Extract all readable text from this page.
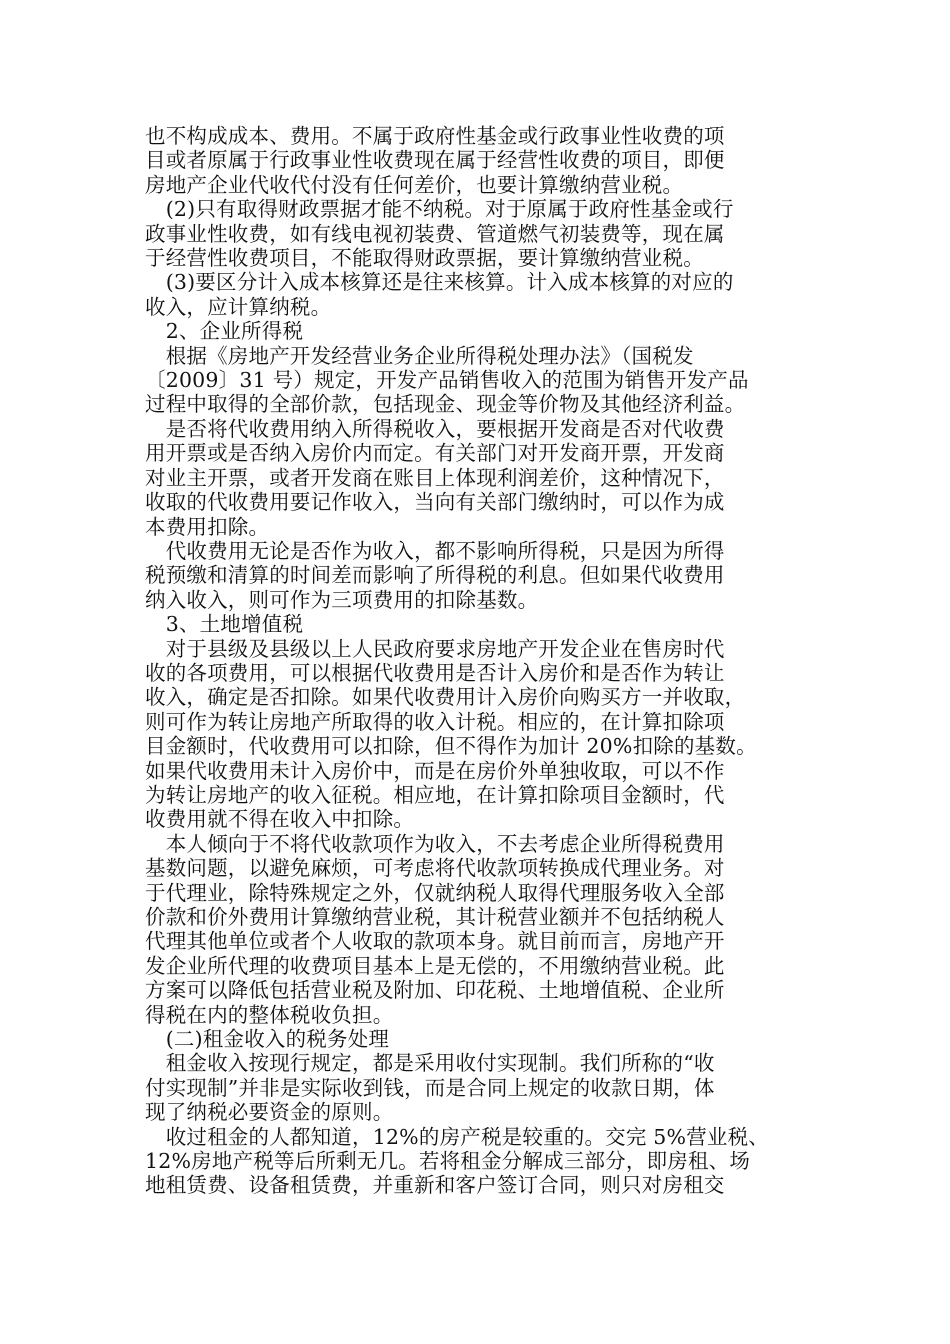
也不构成成本、费用。不属于政府性基金或行政事业性收费的项
目或者原属于行政事业性收费现在属于经营性收费的项目，即便
房地产企业代收代付没有任何差价，也要计算缴纳营业税。
　(2)只有取得财政票据才能不纳税。对于原属于政府性基金或行
政事业性收费，如有线电视初装费、管道燃气初装费等，现在属
于经营性收费项目，不能取得财政票据，要计算缴纳营业税。
　(3)要区分计入成本核算还是往来核算。计入成本核算的对应的
收入，应计算纳税。
　2、企业所得税
　根据《房地产开发经营业务企业所得税处理办法》（国税发
〔2009〕31 号）规定，开发产品销售收入的范围为销售开发产品
过程中取得的全部价款，包括现金、现金等价物及其他经济利益。
　是否将代收费用纳入所得税收入，要根据开发商是否对代收费
用开票或是否纳入房价内而定。有关部门对开发商开票，开发商
对业主开票，或者开发商在账目上体现利润差价，这种情况下，
收取的代收费用要记作收入，当向有关部门缴纳时，可以作为成
本费用扣除。
　代收费用无论是否作为收入，都不影响所得税，只是因为所得
税预缴和清算的时间差而影响了所得税的利息。但如果代收费用
纳入收入，则可作为三项费用的扣除基数。
　3、土地增值税
　对于县级及县级以上人民政府要求房地产开发企业在售房时代
收的各项费用，可以根据代收费用是否计入房价和是否作为转让
收入，确定是否扣除。如果代收费用计入房价向购买方一并收取，
则可作为转让房地产所取得的收入计税。相应的，在计算扣除项
目金额时，代收费用可以扣除，但不得作为加计 20%扣除的基数。
如果代收费用未计入房价中，而是在房价外单独收取，可以不作
为转让房地产的收入征税。相应地，在计算扣除项目金额时，代
收费用就不得在收入中扣除。
　本人倾向于不将代收款项作为收入，不去考虑企业所得税费用
基数问题，以避免麻烦，可考虑将代收款项转换成代理业务。对
于代理业，除特殊规定之外，仅就纳税人取得代理服务收入全部
价款和价外费用计算缴纳营业税，其计税营业额并不包括纳税人
代理其他单位或者个人收取的款项本身。就目前而言，房地产开
发企业所代理的收费项目基本上是无偿的，不用缴纳营业税。此
方案可以降低包括营业税及附加、印花税、土地增值税、企业所
得税在内的整体税收负担。
　(二)租金收入的税务处理
　租金收入按现行规定，都是采用收付实现制。我们所称的“收
付实现制”并非是实际收到钱，而是合同上规定的收款日期，体
现了纳税必要资金的原则。
　收过租金的人都知道，12%的房产税是较重的。交完 5%营业税、
12%房地产税等后所剩无几。若将租金分解成三部分，即房租、场
地租赁费、设备租赁费，并重新和客户签订合同，则只对房租交
